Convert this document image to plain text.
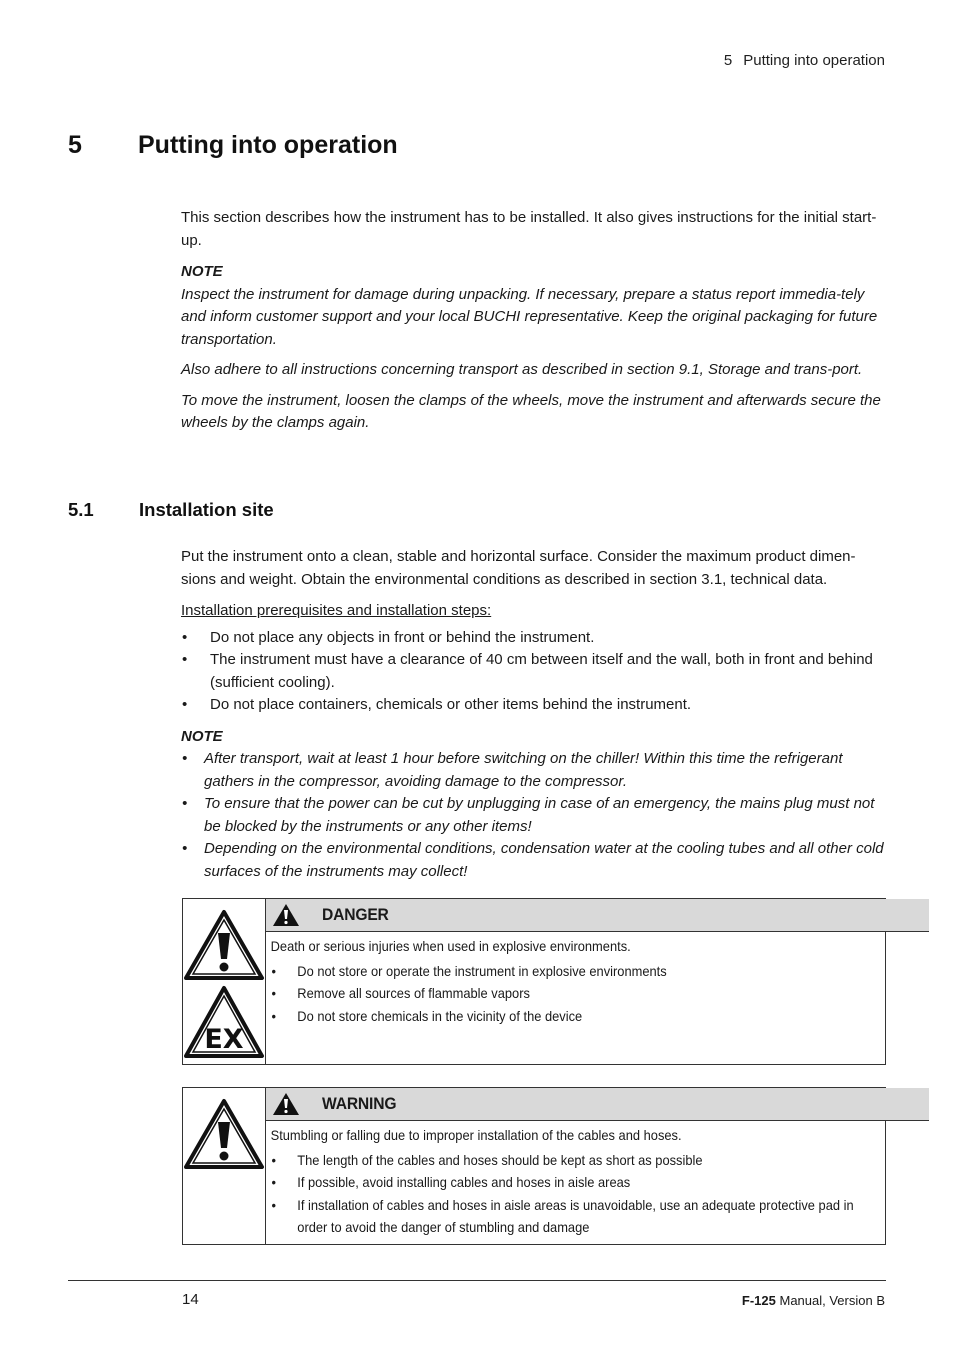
5 Putting into operation
5 Putting into operation

This section describes how the instrument has to be installed. It also gives instructions for the initial start-up.

NOTE

Inspect the instrument for damage during unpacking. If necessary, prepare a status report immedia-tely and inform customer support and your local BUCHI representative. Keep the original packaging for future transportation.

Also adhere to all instructions concerning transport as described in section 9.1, Storage and trans-port.

To move the instrument, loosen the clamps of the wheels, move the instrument and afterwards secure the wheels by the clamps again.

5.1 Installation site

Put the instrument onto a clean, stable and horizontal surface. Consider the maximum product dimen-sions and weight. Obtain the environmental conditions as described in section 3.1, technical data.

Installation prerequisites and installation steps:

• Do not place any objects in front or behind the instrument.
• The instrument must have a clearance of 40 cm between itself and the wall, both in front and behind (sufficient cooling).
• Do not place containers, chemicals or other items behind the instrument.

NOTE

• After transport, wait at least 1 hour before switching on the chiller! Within this time the refrigerant gathers in the compressor, avoiding damage to the compressor.
• To ensure that the power can be cut by unplugging in case of an emergency, the mains plug must not be blocked by the instruments or any other items!
• Depending on the environmental conditions, condensation water at the cooling tubes and all other cold surfaces of the instruments may collect!
EX
DANGER

Death or serious injuries when used in explosive environments.

• Do not store or operate the instrument in explosive environments
• Remove all sources of flammable vapors
• Do not store chemicals in the vicinity of the device
WARNING

Stumbling or falling due to improper installation of the cables and hoses.

• The length of the cables and hoses should be kept as short as possible
• If possible, avoid installing cables and hoses in aisle areas
• If installation of cables and hoses in aisle areas is unavoidable, use an adequate protective pad in order to avoid the danger of stumbling and damage
14	F-125 Manual, Version B
